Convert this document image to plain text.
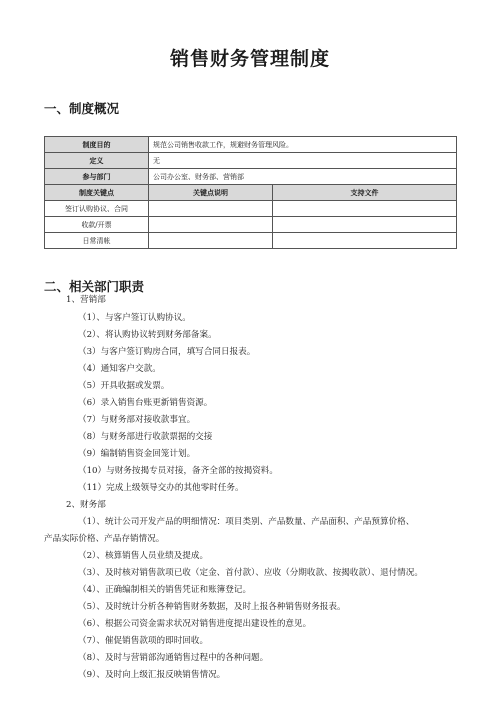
销售财务管理制度
一、制度概况
制度目的	规范公司销售收款工作，规避财务管理风险。	
定义	无	
参与部门	公司办公室、财务部、营销部	
制度关键点	关键点说明	支持文件
签订认购协议、合同		
收款/开票		
日常清帐		
二、相关部门职责
1、营销部
（1）、与客户签订认购协议。
（2）、将认购协议转到财务部备案。
（3）与客户签订购房合同，填写合同日报表。
（4）通知客户交款。
（5）开具收据或发票。
（6）录入销售台账更新销售资源。
（7）与财务部对接收款事宜。
（8）与财务部进行收款票据的交接
（9）编制销售资金回笼计划。
（10）与财务按揭专员对接，备齐全部的按揭资料。
（11）完成上级领导交办的其他零时任务。
2、财务部
（1）、统计公司开发产品的明细情况：项目类别、产品数量、产品面积、产品预算价格、
产品实际价格、产品存销情况。
（2）、核算销售人员业绩及提成。
（3）、及时核对销售款项已收（定金、首付款）、应收（分期收款、按揭收款）、退付情况。
（4）、正确编制相关的销售凭证和账簿登记。
（5）、及时统计分析各种销售财务数据，及时上报各种销售财务报表。
（6）、根据公司资金需求状况对销售进度提出建设性的意见。
（7）、催促销售款项的即时回收。
（8）、及时与营销部沟通销售过程中的各种问题。
（9）、及时向上级汇报反映销售情况。
